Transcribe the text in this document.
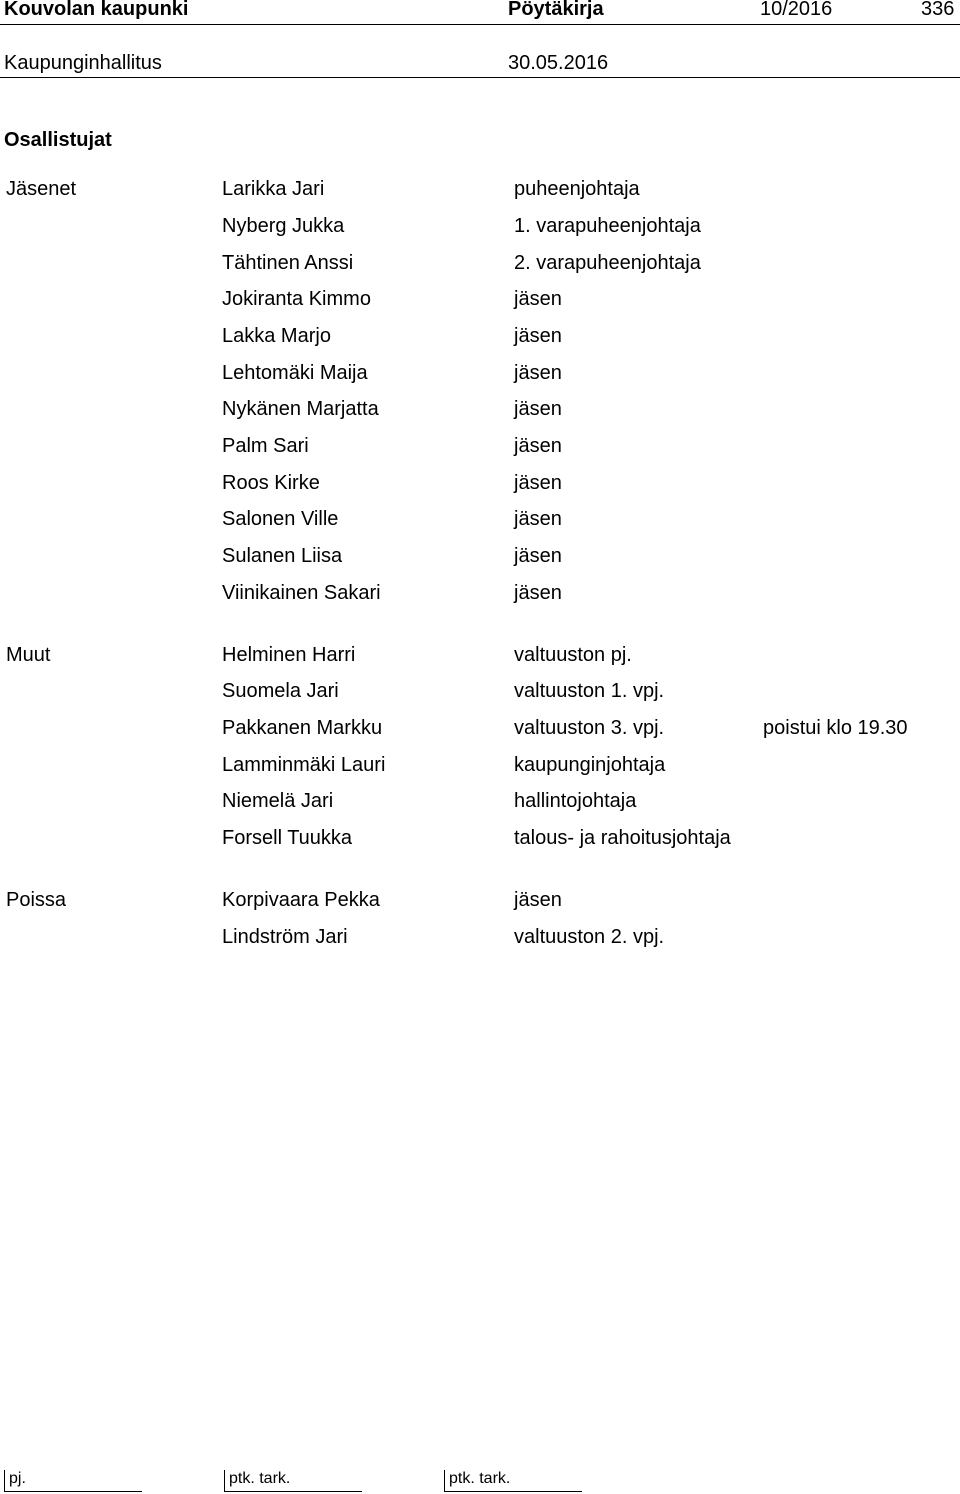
Kouvolan kaupunki	Pöytäkirja	10/2016	336
Kaupunginhallitus	30.05.2016
Osallistujat
Jäsenet	Larikka Jari	puheenjohtaja
Nyberg Jukka	1. varapuheenjohtaja
Tähtinen Anssi	2. varapuheenjohtaja
Jokiranta Kimmo	jäsen
Lakka Marjo	jäsen
Lehtomäki Maija	jäsen
Nykänen Marjatta	jäsen
Palm Sari	jäsen
Roos Kirke	jäsen
Salonen Ville	jäsen
Sulanen Liisa	jäsen
Viinikainen Sakari	jäsen
Muut	Helminen Harri	valtuuston pj.
Suomela Jari	valtuuston 1. vpj.
Pakkanen Markku	valtuuston 3. vpj.	poistui klo 19.30
Lamminmäki Lauri	kaupunginjohtaja
Niemelä Jari	hallintojohtaja
Forsell Tuukka	talous- ja rahoitusjohtaja
Poissa	Korpivaara Pekka	jäsen
Lindström Jari	valtuuston 2. vpj.
pj.	ptk. tark.	ptk. tark.
